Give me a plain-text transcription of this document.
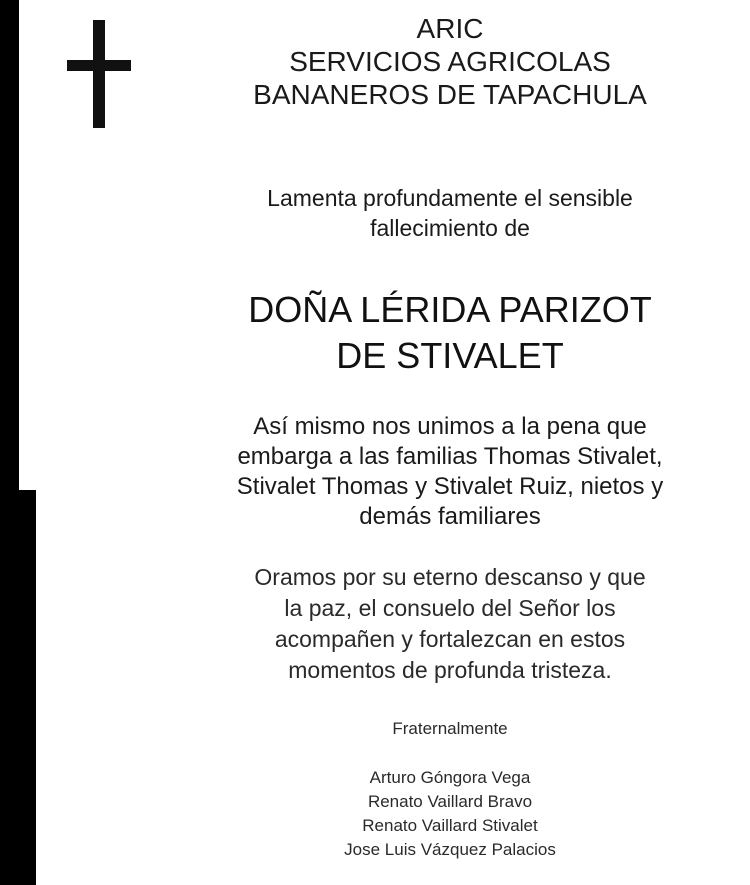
ARIC
SERVICIOS AGRICOLAS
BANANEROS DE TAPACHULA
Lamenta profundamente el sensible
fallecimiento de
DOÑA LÉRIDA PARIZOT
DE STIVALET
Así mismo nos unimos a la pena que
embarga a las familias Thomas Stivalet,
Stivalet Thomas y Stivalet Ruiz, nietos y
demás familiares
Oramos por su eterno descanso y que
la paz, el consuelo del Señor los
acompañen y fortalezcan en estos
momentos de profunda tristeza.
Fraternalmente
Arturo Góngora Vega
Renato Vaillard Bravo
Renato Vaillard Stivalet
Jose Luis Vázquez Palacios
